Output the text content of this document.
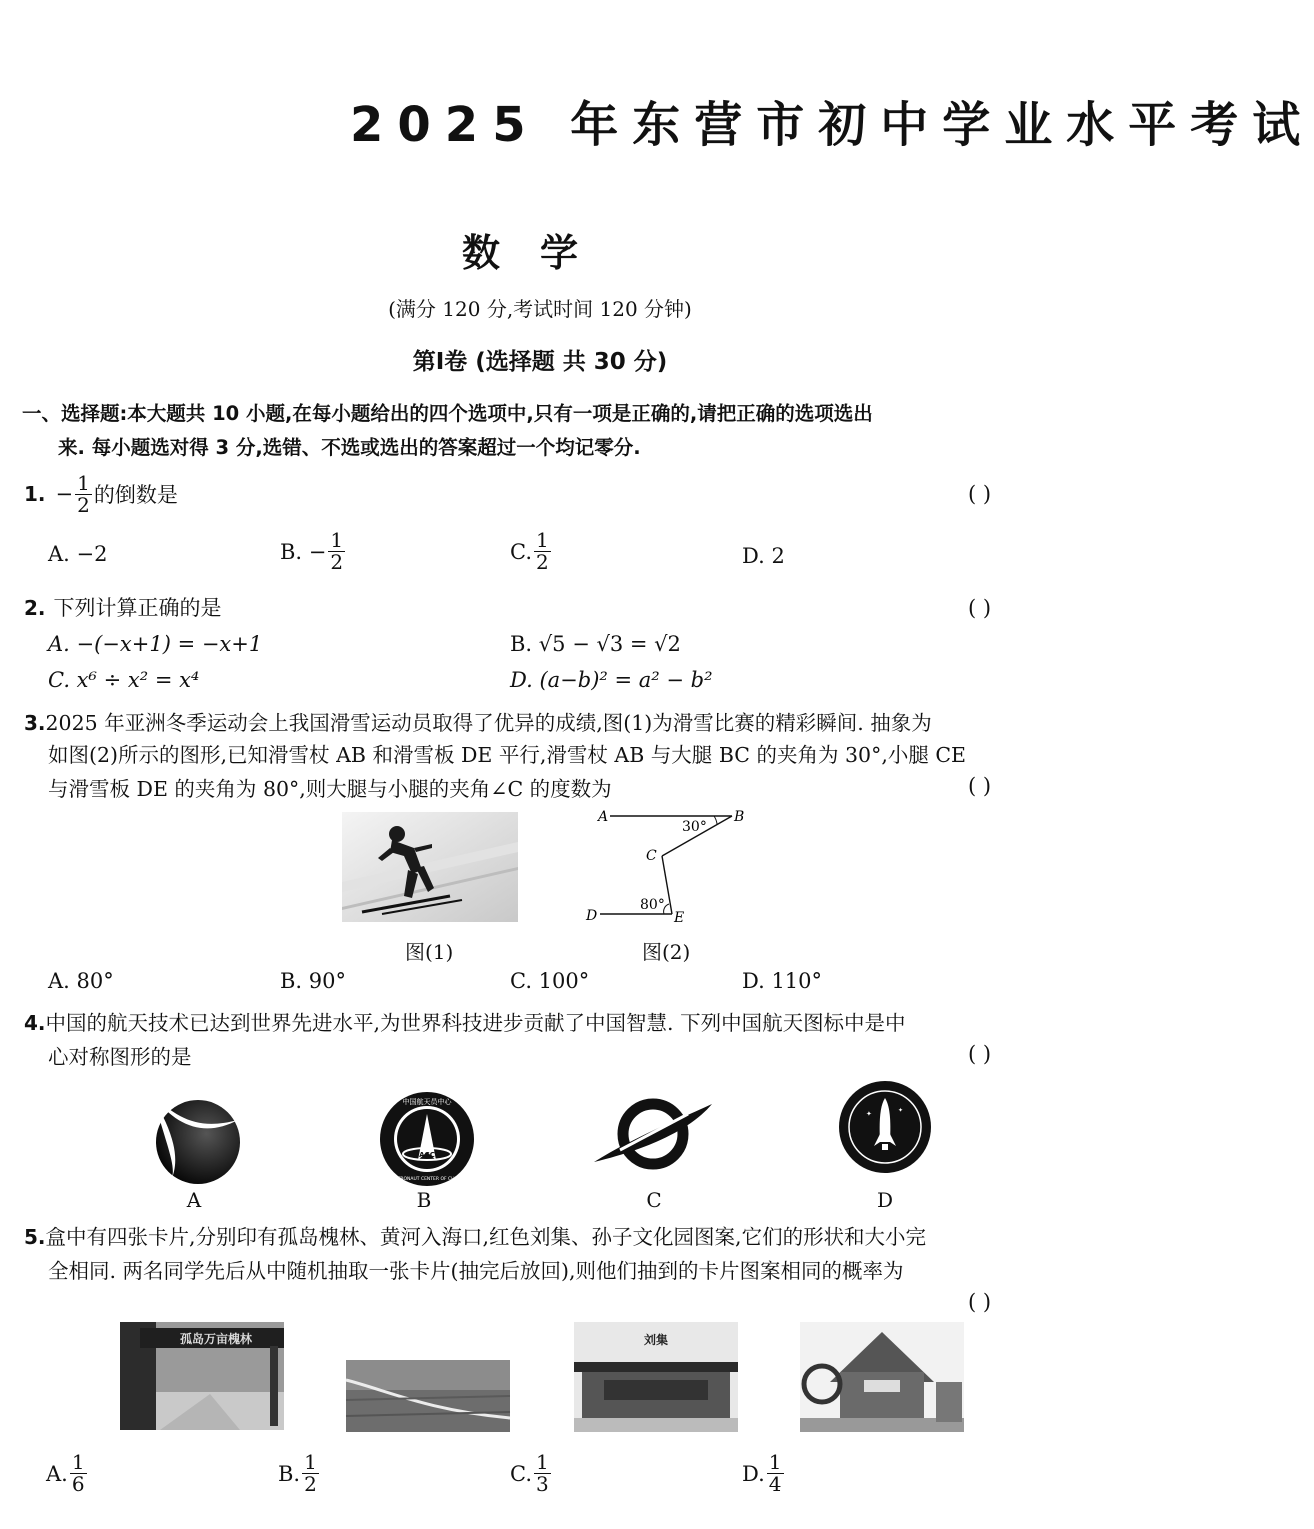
2025 年东营市初中学业水平考试
数学
(满分 120 分,考试时间 120 分钟)
第Ⅰ卷 (选择题 共 30 分)
一、选择题:本大题共 10 小题,在每小题给出的四个选项中,只有一项是正确的,请把正确的选项选出
来. 每小题选对得 3 分,选错、不选或选出的答案超过一个均记零分.
1. − $\frac{1}{2}$ 的倒数是	( )
A. −2	B. − $\frac{1}{2}$	C. $\frac{1}{2}$	D. 2
2. 下列计算正确的是	( )
A. −(−x+1) = −x+1	B. √5 − √3 = √2
C. x⁶ ÷ x² = x⁴	D. (a−b)² = a² − b²
3.2025 年亚洲冬季运动会上我国滑雪运动员取得了优异的成绩,图(1)为滑雪比赛的精彩瞬间. 抽象为
如图(2)所示的图形,已知滑雪杖 AB 和滑雪板 DE 平行,滑雪杖 AB 与大腿 BC 的夹角为 30°,小腿 CE
与滑雪板 DE 的夹角为 80°,则大腿与小腿的夹角∠C 的度数为	( )
A	B
C
D	E
30°
80°
图(1)	图(2)
A. 80°	B. 90°	C. 100°	D. 110°
4.中国的航天技术已达到世界先进水平,为世界科技进步贡献了中国智慧. 下列中国航天图标中是中
心对称图形的是	( )
ACC
中国航天员中心
ASTRONAUT CENTER OF CHINA
✦	✦
A	B	C	D
5.盒中有四张卡片,分别印有孤岛槐林、黄河入海口,红色刘集、孙子文化园图案,它们的形状和大小完
全相同. 两名同学先后从中随机抽取一张卡片(抽完后放回),则他们抽到的卡片图案相同的概率为
( )
孤岛万亩槐林	刘集
A. $\frac{1}{6}$	B. $\frac{1}{2}$	C. $\frac{1}{3}$	D. $\frac{1}{4}$
